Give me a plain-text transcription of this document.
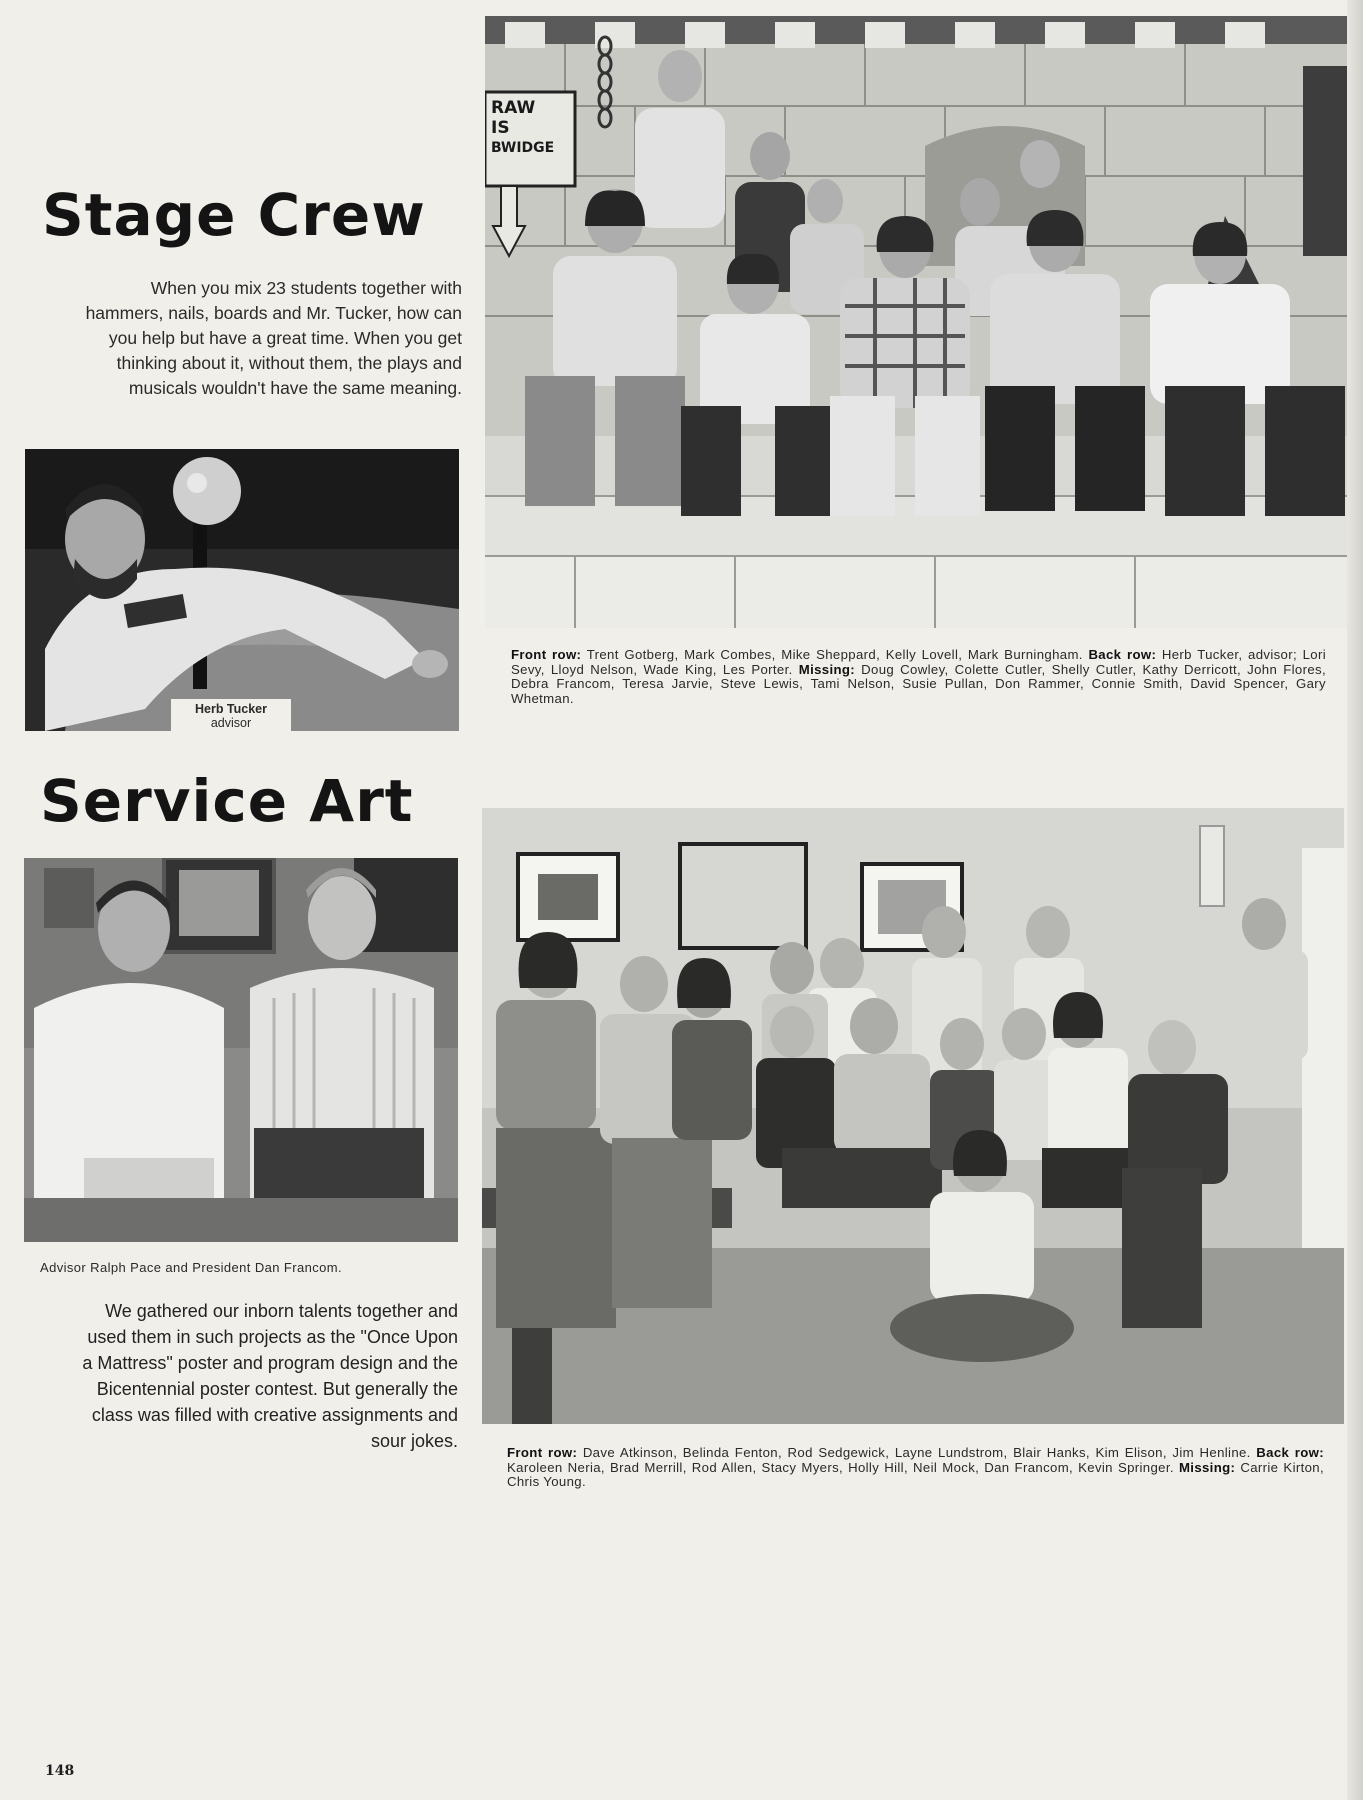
Stage Crew
When you mix 23 students together with hammers, nails, boards and Mr. Tucker, how can you help but have a great time. When you get thinking about it, without them, the plays and musicals wouldn't have the same meaning.
Herb Tucker
advisor
RAW
IS
BWIDGE
Front row: Trent Gotberg, Mark Combes, Mike Sheppard, Kelly Lovell, Mark Burningham. Back row: Herb Tucker, advisor; Lori Sevy, Lloyd Nelson, Wade King, Les Porter. Missing: Doug Cowley, Colette Cutler, Shelly Cutler, Kathy Derricott, John Flores, Debra Francom, Teresa Jarvie, Steve Lewis, Tami Nelson, Susie Pullan, Don Rammer, Connie Smith, David Spencer, Gary Whetman.
Service Art
Advisor Ralph Pace and President Dan Francom.
We gathered our inborn talents together and used them in such projects as the "Once Upon a Mattress" poster and program design and the Bicentennial poster contest. But generally the class was filled with creative assignments and sour jokes.
Front row: Dave Atkinson, Belinda Fenton, Rod Sedgewick, Layne Lundstrom, Blair Hanks, Kim Elison, Jim Henline. Back row: Karoleen Neria, Brad Merrill, Rod Allen, Stacy Myers, Holly Hill, Neil Mock, Dan Francom, Kevin Springer. Missing: Carrie Kirton, Chris Young.
148
